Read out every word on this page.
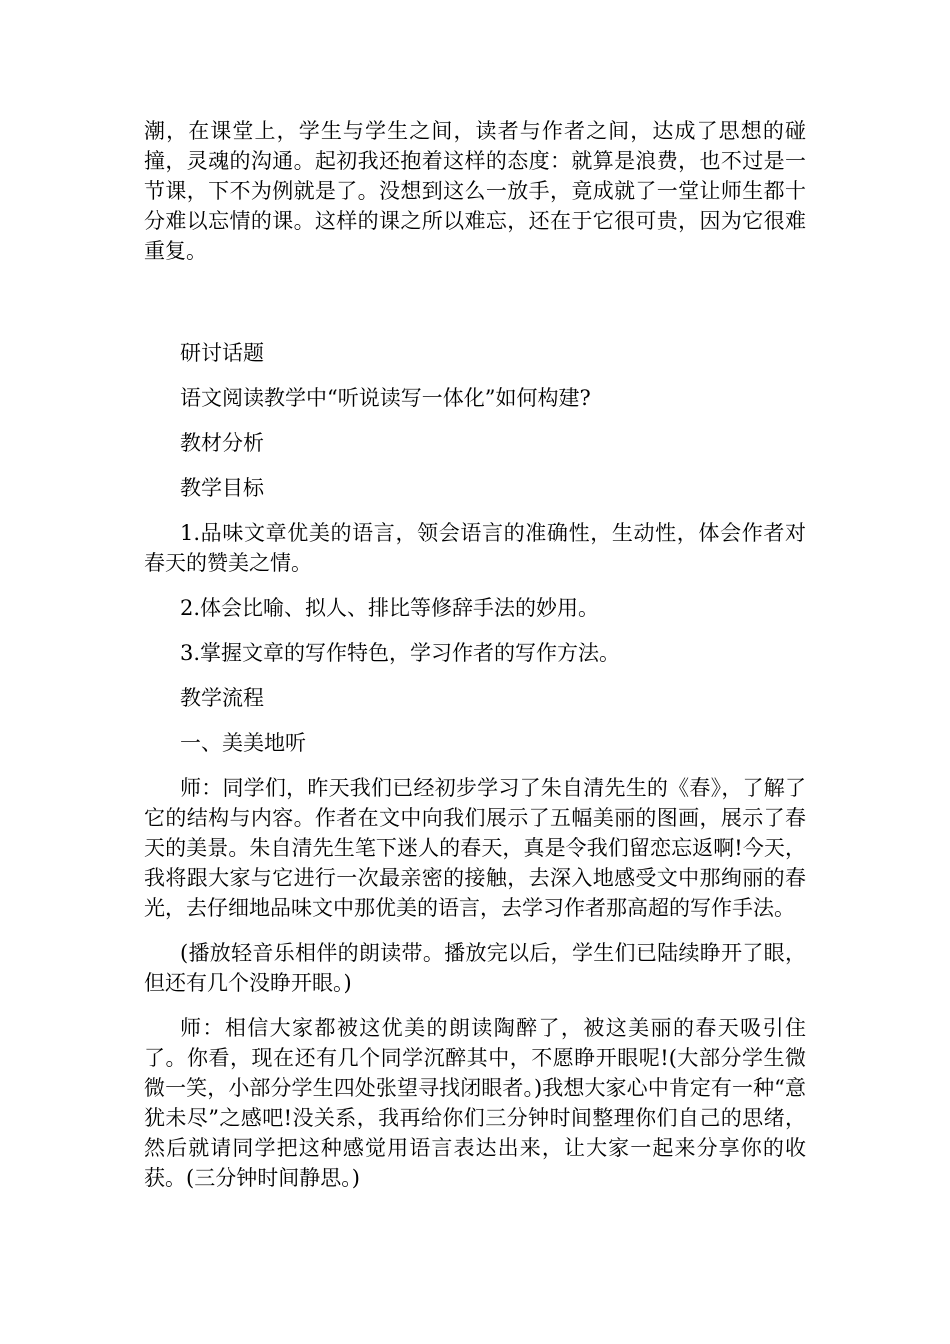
潮，在课堂上，学生与学生之间，读者与作者之间，达成了思想的碰撞，灵魂的沟通。起初我还抱着这样的态度：就算是浪费，也不过是一节课，下不为例就是了。没想到这么一放手，竟成就了一堂让师生都十分难以忘情的课。这样的课之所以难忘，还在于它很可贵，因为它很难重复。

研讨话题

语文阅读教学中“听说读写一体化”如何构建?

教材分析

教学目标

1.品味文章优美的语言，领会语言的准确性，生动性，体会作者对春天的赞美之情。

2.体会比喻、拟人、排比等修辞手法的妙用。

3.掌握文章的写作特色，学习作者的写作方法。

教学流程

一、美美地听

师：同学们，昨天我们已经初步学习了朱自清先生的《春》，了解了它的结构与内容。作者在文中向我们展示了五幅美丽的图画，展示了春天的美景。朱自清先生笔下迷人的春天，真是令我们留恋忘返啊!今天，我将跟大家与它进行一次最亲密的接触，去深入地感受文中那绚丽的春光，去仔细地品味文中那优美的语言，去学习作者那高超的写作手法。

(播放轻音乐相伴的朗读带。播放完以后，学生们已陆续睁开了眼，但还有几个没睁开眼。)

师：相信大家都被这优美的朗读陶醉了，被这美丽的春天吸引住了。你看，现在还有几个同学沉醉其中，不愿睁开眼呢!(大部分学生微微一笑，小部分学生四处张望寻找闭眼者。)我想大家心中肯定有一种“意犹未尽”之感吧!没关系，我再给你们三分钟时间整理你们自己的思绪，然后就请同学把这种感觉用语言表达出来，让大家一起来分享你的收获。(三分钟时间静思。)
